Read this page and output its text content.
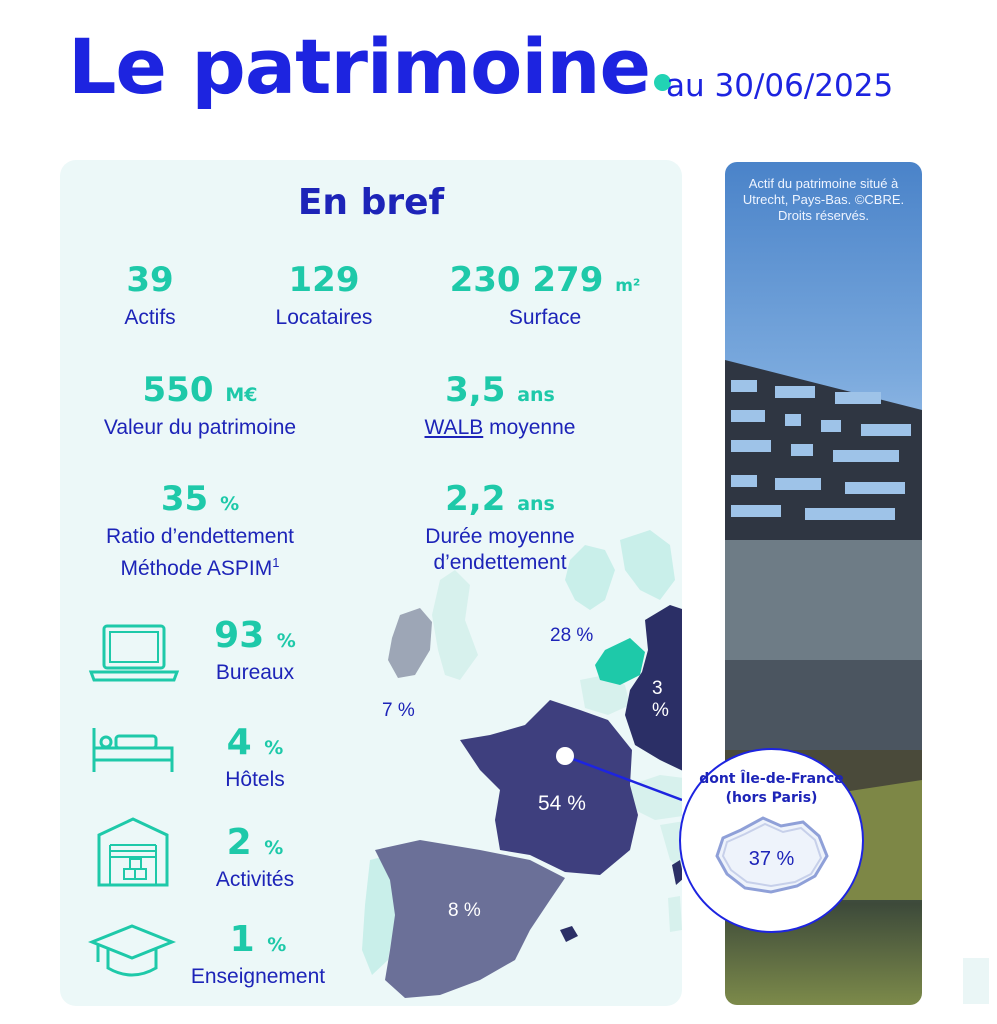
Le patrimoine au 30/06/2025
En bref
39
Actifs
129
Locataires
230 279 m²
Surface
550 M€
Valeur du patrimoine
3,5 ans
WALB moyenne
35 %
Ratio d’endettement
Méthode ASPIM$^1$
2,2 ans
Durée moyenne
d’endettement
93 %
Bureaux
4 %
Hôtels
2 %
Activités
1 %
Enseignement
28 %
7 %
3 %
54 %
8 %
Actif du patrimoine situé à Utrecht, Pays-Bas. ©CBRE. Droits réservés.
dont Île-de-France (hors Paris)
37 %
